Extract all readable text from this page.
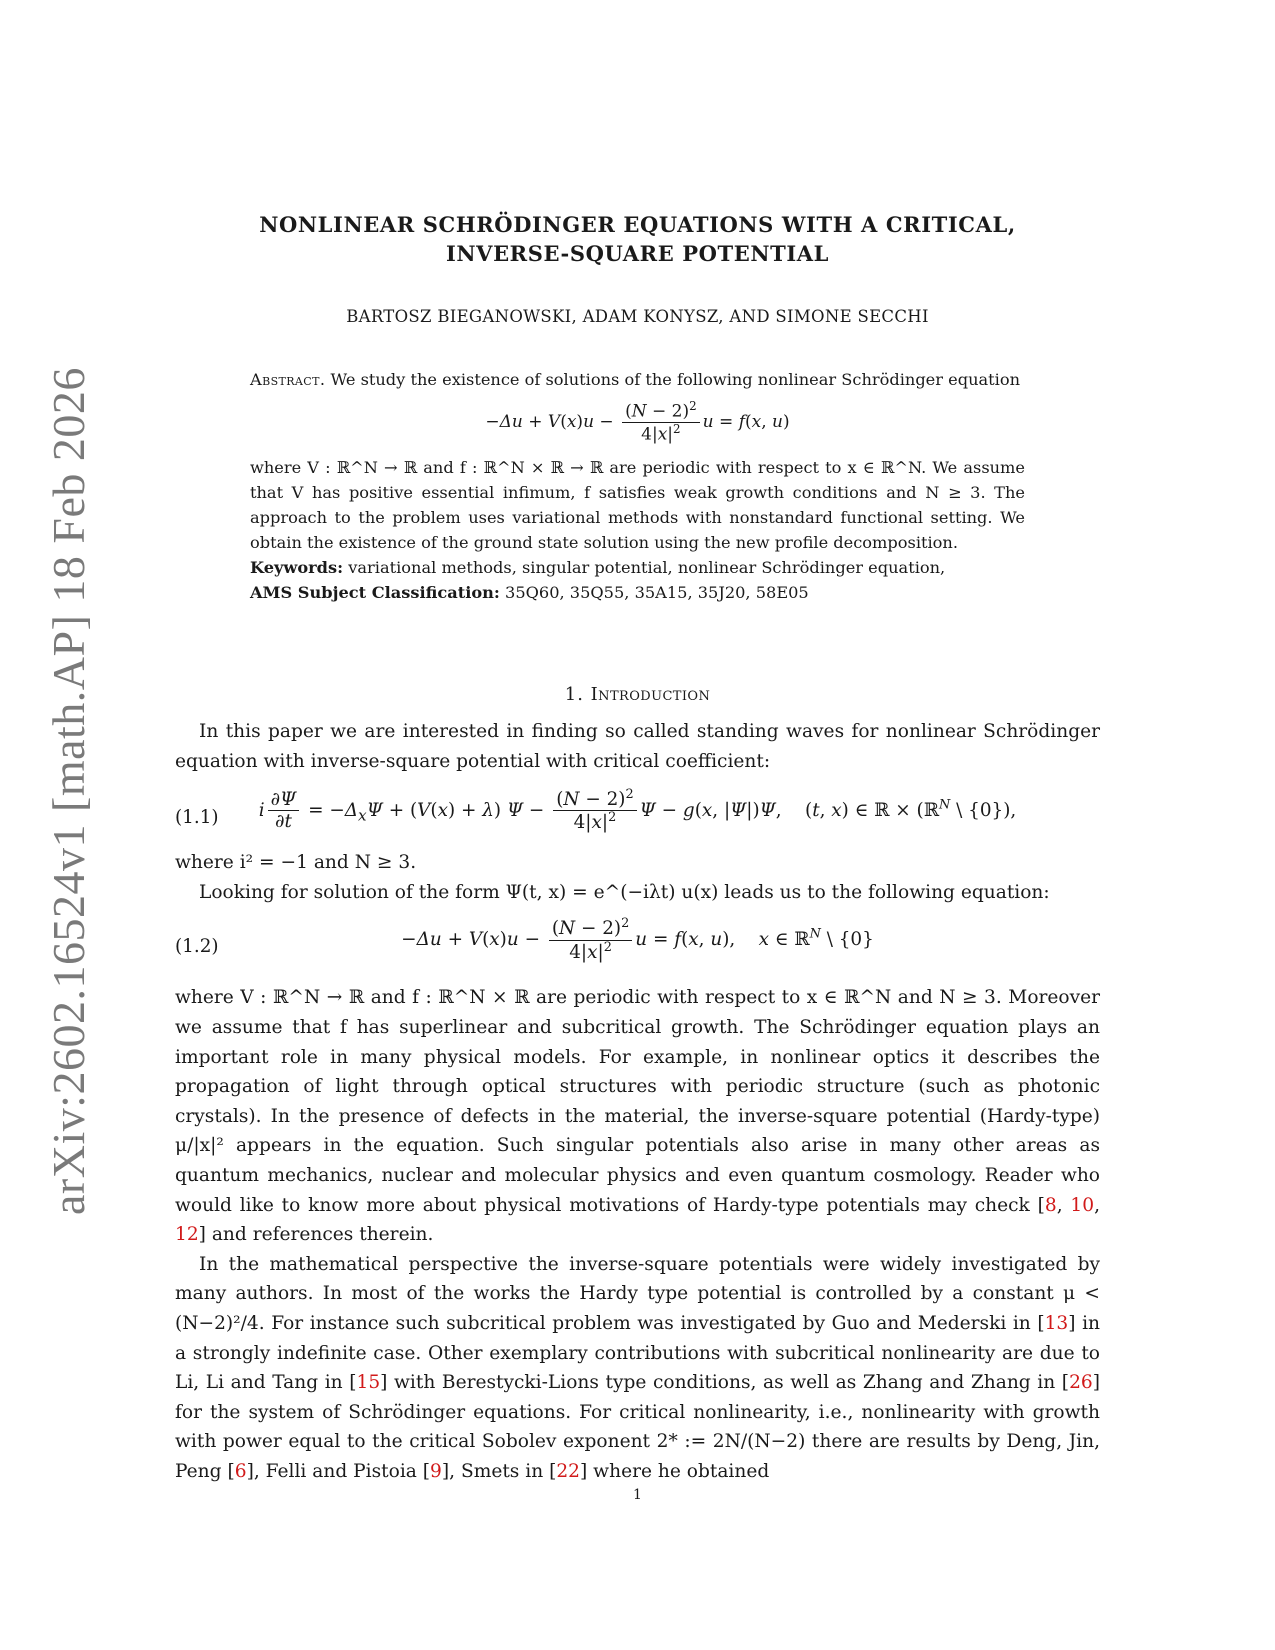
arXiv:2602.16524v1 [math.AP] 18 Feb 2026
NONLINEAR SCHRÖDINGER EQUATIONS WITH A CRITICAL,
INVERSE-SQUARE POTENTIAL
BARTOSZ BIEGANOWSKI, ADAM KONYSZ, AND SIMONE SECCHI

Abstract. We study the existence of solutions of the following nonlinear Schrödinger equation

$-\Delta u + V(x)u - \frac{(N - 2)^2}{4|x|^2}$ u = f(x, u)

where V : ℝ^N → ℝ and f : ℝ^N × ℝ → ℝ are periodic with respect to x ∈ ℝ^N. We assume that V has positive essential infimum, f satisfies weak growth conditions and N ≥ 3. The approach to the problem uses variational methods with nonstandard functional setting. We obtain the existence of the ground state solution using the new profile decomposition.

Keywords: variational methods, singular potential, nonlinear Schrödinger equation,

AMS Subject Classification: 35Q60, 35Q55, 35A15, 35J20, 58E05

1. Introduction

In this paper we are interested in finding so called standing waves for nonlinear Schrödinger equation with inverse-square potential with critical coefficient:

(1.1)	i $\frac{\partial\Psi}{\partial t} = -\Delta_x\Psi + (V(x) + \lambda) \Psi - \frac{(N - 2)^2}{4|x|^2}$ Ψ − g(x, |Ψ|)Ψ,    (t, x) ∈ ℝ × (ℝ$^N$ \ {0}),

where i² = −1 and N ≥ 3.

Looking for solution of the form Ψ(t, x) = e^(−iλt) u(x) leads us to the following equation:

(1.2)	$-\Delta u + V(x)u - \frac{(N - 2)^2}{4|x|^2}$ u = f(x, u),    x ∈ ℝ$^N$ \ {0}

where V : ℝ^N → ℝ and f : ℝ^N × ℝ are periodic with respect to x ∈ ℝ^N and N ≥ 3. Moreover we assume that f has superlinear and subcritical growth. The Schrödinger equation plays an important role in many physical models. For example, in nonlinear optics it describes the propagation of light through optical structures with periodic structure (such as photonic crystals). In the presence of defects in the material, the inverse-square potential (Hardy-type) μ/|x|² appears in the equation. Such singular potentials also arise in many other areas as quantum mechanics, nuclear and molecular physics and even quantum cosmology. Reader who would like to know more about physical motivations of Hardy-type potentials may check [8, 10, 12] and references therein.

In the mathematical perspective the inverse-square potentials were widely investigated by many authors. In most of the works the Hardy type potential is controlled by a constant μ < (N−2)²/4. For instance such subcritical problem was investigated by Guo and Mederski in [13] in a strongly indefinite case. Other exemplary contributions with subcritical nonlinearity are due to Li, Li and Tang in [15] with Berestycki-Lions type conditions, as well as Zhang and Zhang in [26] for the system of Schrödinger equations. For critical nonlinearity, i.e., nonlinearity with growth with power equal to the critical Sobolev exponent 2* := 2N/(N−2) there are results by Deng, Jin, Peng [6], Felli and Pistoia [9], Smets in [22] where he obtained

1
